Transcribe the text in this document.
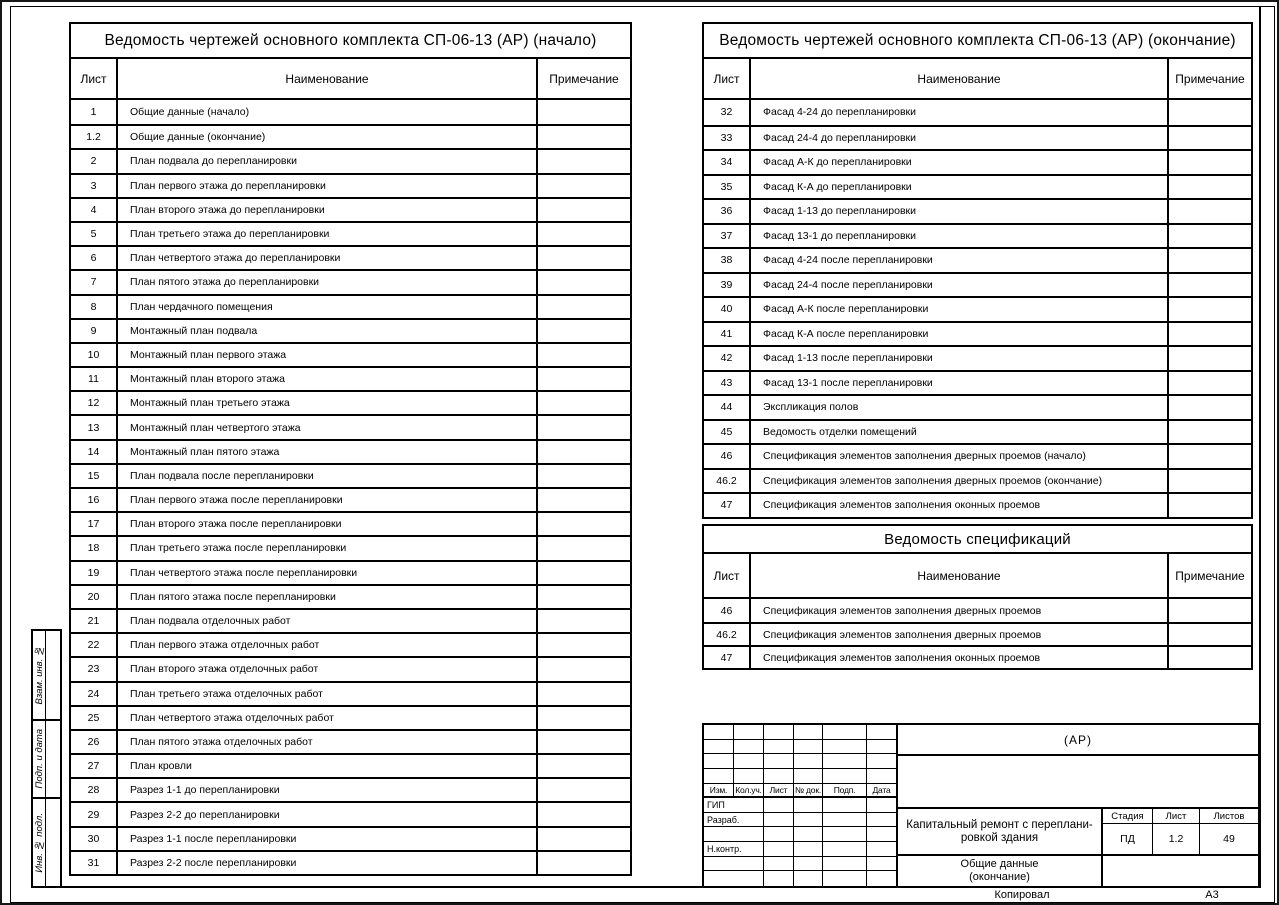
Ведомость чертежей основного комплекта СП-06-13 (АР) (начало)
Лист	Наименование	Примечание
1	Общие данные (начало)
1.2	Общие данные (окончание)
2	План подвала до перепланировки
3	План первого этажа до перепланировки
4	План второго этажа до перепланировки
5	План третьего этажа до перепланировки
6	План четвертого этажа до перепланировки
7	План пятого этажа до перепланировки
8	План чердачного помещения
9	Монтажный план подвала
10	Монтажный план первого этажа
11	Монтажный план второго этажа
12	Монтажный план третьего этажа
13	Монтажный план четвертого этажа
14	Монтажный план пятого этажа
15	План подвала после перепланировки
16	План первого этажа после перепланировки
17	План второго этажа после перепланировки
18	План третьего этажа после перепланировки
19	План четвертого этажа после перепланировки
20	План пятого этажа после перепланировки
21	План подвала отделочных работ
22	План первого этажа отделочных работ
23	План второго этажа отделочных работ
24	План третьего этажа отделочных работ
25	План четвертого этажа отделочных работ
26	План пятого этажа отделочных работ
27	План кровли
28	Разрез 1-1 до перепланировки
29	Разрез 2-2 до перепланировки
30	Разрез 1-1 после перепланировки
31	Разрез 2-2 после перепланировки
Ведомость чертежей основного комплекта СП-06-13 (АР) (окончание)
Лист	Наименование	Примечание
32	Фасад 4-24 до перепланировки
33	Фасад 24-4 до перепланировки
34	Фасад А-К до перепланировки
35	Фасад К-А до перепланировки
36	Фасад 1-13 до перепланировки
37	Фасад 13-1 до перепланировки
38	Фасад 4-24 после перепланировки
39	Фасад 24-4 после перепланировки
40	Фасад А-К после перепланировки
41	Фасад К-А после перепланировки
42	Фасад 1-13 после перепланировки
43	Фасад 13-1 после перепланировки
44	Экспликация полов
45	Ведомость отделки помещений
46	Спецификация элементов заполнения дверных проемов (начало)
46.2	Спецификация элементов заполнения дверных проемов (окончание)
47	Спецификация элементов заполнения оконных проемов
Ведомость спецификаций
Лист	Наименование	Примечание
46	Спецификация элементов заполнения дверных проемов
46.2	Спецификация элементов заполнения дверных проемов
47	Спецификация элементов заполнения оконных проемов
Взам. инв. №
Подп. и дата
Инв. № подл.
Изм. Кол.уч. Лист № док.	Подп.	Дата
ГИП
Разраб.
Н.контр.
(АР)
Капитальный ремонт с переплани-
ровкой здания
Стадия	Лист	Листов
ПД	1.2	49
Общие данные
(окончание)
Копировал	А3
